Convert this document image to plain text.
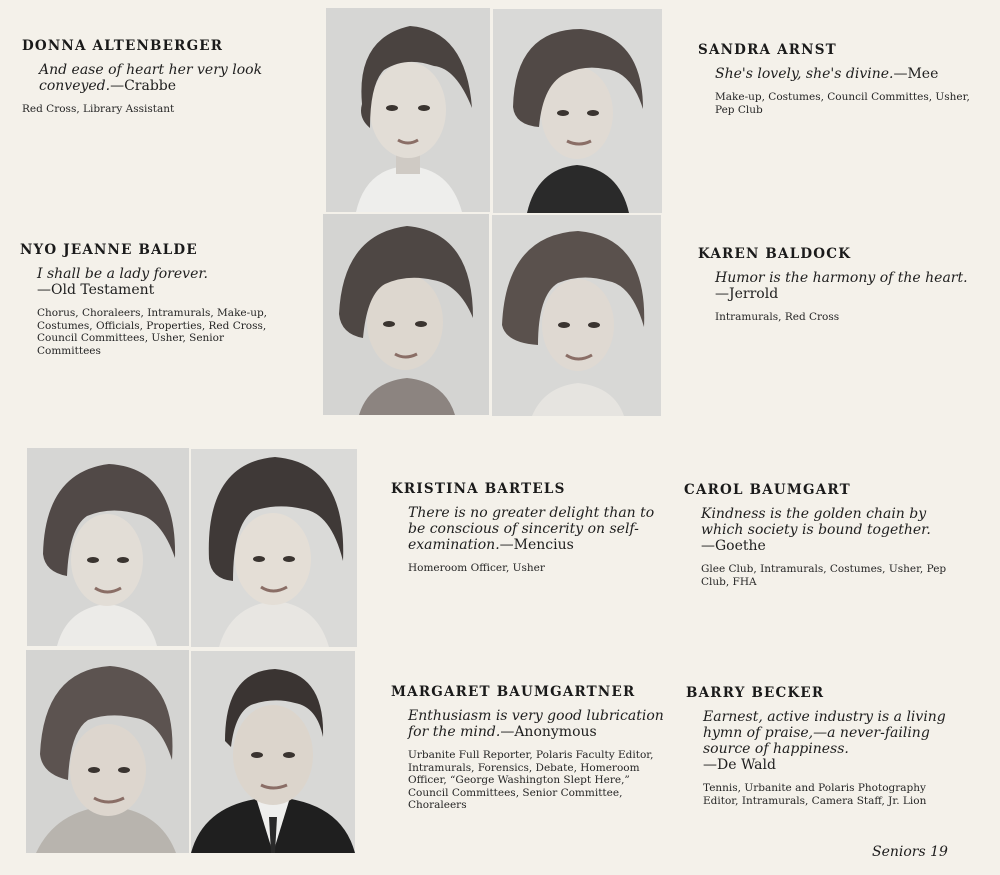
DONNA ALTENBERGER
And ease of heart her very look conveyed.—Crabbe
Red Cross, Library Assistant
SANDRA ARNST
She's lovely, she's divine.—Mee
Make-up, Costumes, Council Committes, Usher, Pep Club
NYO JEANNE BALDE
I shall be a lady forever.
—Old Testament
Chorus, Choraleers, Intramurals, Make-up, Costumes, Officials, Properties, Red Cross, Council Committees, Usher, Senior Committees
KAREN BALDOCK
Humor is the harmony of the heart.—Jerrold
Intramurals, Red Cross
KRISTINA BARTELS
There is no greater delight than to be conscious of sincerity on self-examination.—Mencius
Homeroom Officer, Usher
CAROL BAUMGART
Kindness is the golden chain by which society is bound together.
—Goethe
Glee Club, Intramurals, Costumes, Usher, Pep Club, FHA
MARGARET BAUMGARTNER
Enthusiasm is very good lubrication for the mind.—Anonymous
Urbanite Full Reporter, Polaris Faculty Editor, Intramurals, Forensics, Debate, Homeroom Officer, “George Washington Slept Here,” Council Committees, Senior Committee, Choraleers
BARRY BECKER
Earnest, active industry is a living hymn of praise,—a never-failing source of happiness.
—De Wald
Tennis, Urbanite and Polaris Photography Editor, Intramurals, Camera Staff, Jr. Lion
Seniors 19
